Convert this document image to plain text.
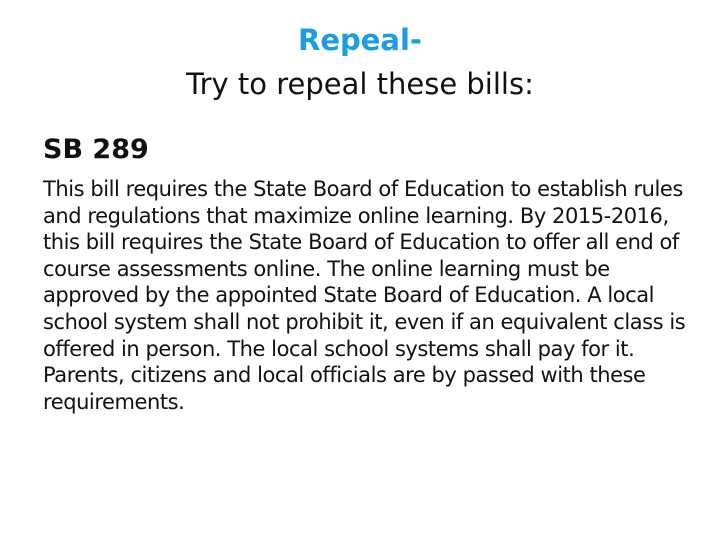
Repeal-
Try to repeal these bills:
SB 289

This bill requires the State Board of Education to establish rules and regulations that maximize online learning. By 2015-2016, this bill requires the State Board of Education to offer all end of course assessments online. The online learning must be approved by the appointed State Board of Education. A local school system shall not prohibit it, even if an equivalent class is offered in person. The local school systems shall pay for it. Parents, citizens and local officials are by passed with these requirements.
